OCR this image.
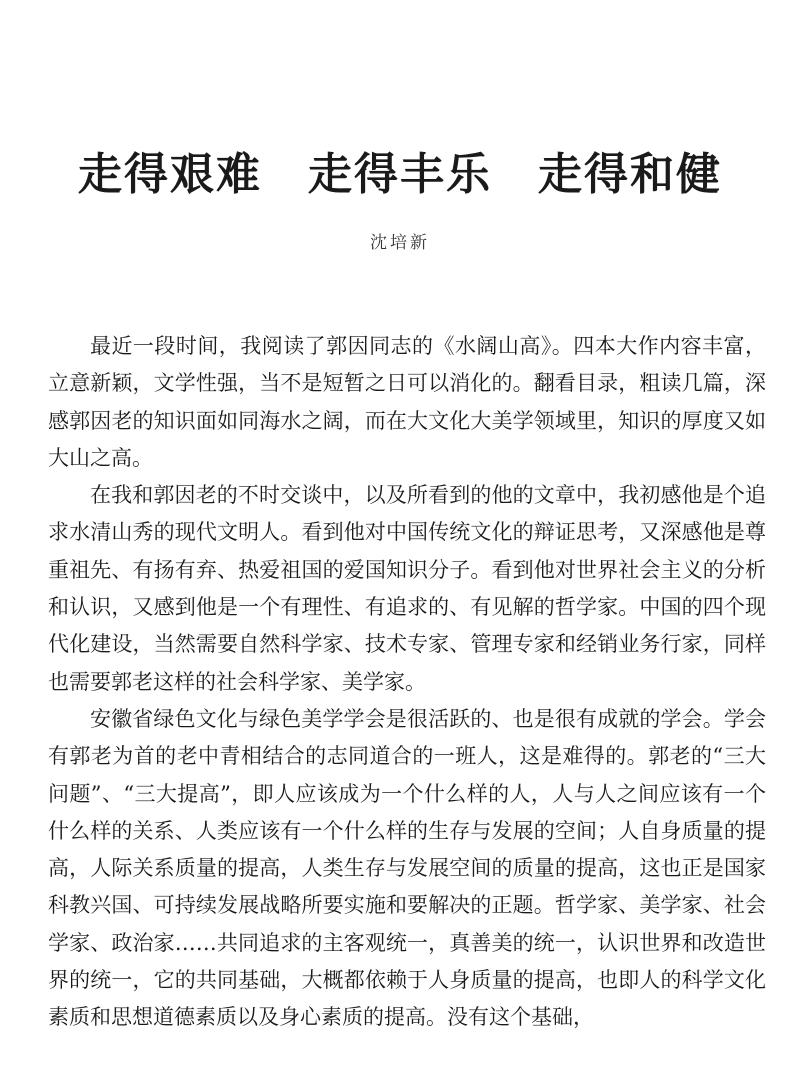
走得艰难　走得丰乐　走得和健
沈培新

最近一段时间，我阅读了郭因同志的《水阔山高》。四本大作内容丰富，立意新颖，文学性强，当不是短暂之日可以消化的。翻看目录，粗读几篇，深感郭因老的知识面如同海水之阔，而在大文化大美学领域里，知识的厚度又如大山之高。

在我和郭因老的不时交谈中，以及所看到的他的文章中，我初感他是个追求水清山秀的现代文明人。看到他对中国传统文化的辩证思考，又深感他是尊重祖先、有扬有弃、热爱祖国的爱国知识分子。看到他对世界社会主义的分析和认识，又感到他是一个有理性、有追求的、有见解的哲学家。中国的四个现代化建设，当然需要自然科学家、技术专家、管理专家和经销业务行家，同样也需要郭老这样的社会科学家、美学家。

安徽省绿色文化与绿色美学学会是很活跃的、也是很有成就的学会。学会有郭老为首的老中青相结合的志同道合的一班人，这是难得的。郭老的“三大问题”、“三大提高”，即人应该成为一个什么样的人，人与人之间应该有一个什么样的关系、人类应该有一个什么样的生存与发展的空间；人自身质量的提高，人际关系质量的提高，人类生存与发展空间的质量的提高，这也正是国家科教兴国、可持续发展战略所要实施和要解决的正题。哲学家、美学家、社会学家、政治家……共同追求的主客观统一，真善美的统一，认识世界和改造世界的统一，它的共同基础，大概都依赖于人身质量的提高，也即人的科学文化素质和思想道德素质以及身心素质的提高。没有这个基础，
